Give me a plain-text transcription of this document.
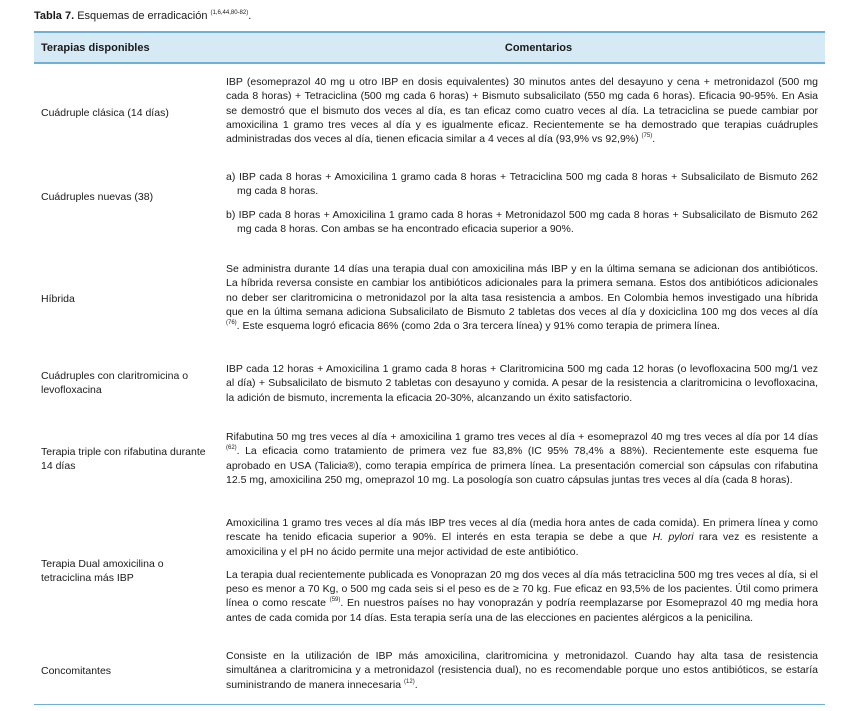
Tabla 7. Esquemas de erradicación $^{(1,6,44,80-82)}$.
Terapias disponibles	Comentarios
Cuádruple clásica (14 días)
IBP (esomeprazol 40 mg u otro IBP en dosis equivalentes) 30 minutos antes del desayuno y cena + metronidazol (500 mg cada 8 horas) + Tetraciclina (500 mg cada 6 horas) + Bismuto subsalicilato (550 mg cada 6 horas). Eficacia 90-95%. En Asia se demostró que el bismuto dos veces al día, es tan eficaz como cuatro veces al día. La tetraciclina se puede cambiar por amoxicilina 1 gramo tres veces al día y es igualmente eficaz. Recientemente se ha demostrado que terapias cuádruples administradas dos veces al día, tienen eficacia similar a 4 veces al día (93,9% vs 92,9%) $^{(75)}$.
Cuádruples nuevas (38)

a) IBP cada 8 horas + Amoxicilina 1 gramo cada 8 horas + Tetraciclina 500 mg cada 8 horas + Subsalicilato de Bismuto 262 mg cada 8 horas.

b) IBP cada 8 horas + Amoxicilina 1 gramo cada 8 horas + Metronidazol 500 mg cada 8 horas + Subsalicilato de Bismuto 262 mg cada 8 horas. Con ambas se ha encontrado eficacia superior a 90%.

Híbrida
Se administra durante 14 días una terapia dual con amoxicilina más IBP y en la última semana se adicionan dos antibióticos. La híbrida reversa consiste en cambiar los antibióticos adicionales para la primera semana. Estos dos antibióticos adicionales no deber ser claritromicina o metronidazol por la alta tasa resistencia a ambos. En Colombia hemos investigado una híbrida que en la última semana adiciona Subsalicilato de Bismuto 2 tabletas dos veces al día y doxiciclina 100 mg dos veces al día $^{(76)}$. Este esquema logró eficacia 86% (como 2da o 3ra tercera línea) y 91% como terapia de primera línea.
Cuádruples con claritromicina o levofloxacina
IBP cada 12 horas + Amoxicilina 1 gramo cada 8 horas + Claritromicina 500 mg cada 12 horas (o levofloxacina 500 mg/1 vez al día) + Subsalicilato de bismuto 2 tabletas con desayuno y comida. A pesar de la resistencia a claritromicina o levofloxacina, la adición de bismuto, incrementa la eficacia 20-30%, alcanzando un éxito satisfactorio.
Terapia triple con rifabutina durante 14 días
Rifabutina 50 mg tres veces al día + amoxicilina 1 gramo tres veces al día + esomeprazol 40 mg tres veces al día por 14 días $^{(62)}$. La eficacia como tratamiento de primera vez fue 83,8% (IC 95% 78,4% a 88%). Recientemente este esquema fue aprobado en USA (Talicia®), como terapia empírica de primera línea. La presentación comercial son cápsulas con rifabutina 12.5 mg, amoxicilina 250 mg, omeprazol 10 mg. La posología son cuatro cápsulas juntas tres veces al día (cada 8 horas).
Terapia Dual amoxicilina o tetraciclina más IBP

Amoxicilina 1 gramo tres veces al día más IBP tres veces al día (media hora antes de cada comida). En primera línea y como rescate ha tenido eficacia superior a 90%. El interés en esta terapia se debe a que H. pylori rara vez es resistente a amoxicilina y el pH no ácido permite una mejor actividad de este antibiótico.

La terapia dual recientemente publicada es Vonoprazan 20 mg dos veces al día más tetraciclina 500 mg tres veces al día, si el peso es menor a 70 Kg, o 500 mg cada seis si el peso es de ≥ 70 kg. Fue eficaz en 93,5% de los pacientes. Útil como primera línea o como rescate $^{(59)}$. En nuestros países no hay vonoprazán y podría reemplazarse por Esomeprazol 40 mg media hora antes de cada comida por 14 días. Esta terapia sería una de las elecciones en pacientes alérgicos a la penicilina.

Concomitantes
Consiste en la utilización de IBP más amoxicilina, claritromicina y metronidazol. Cuando hay alta tasa de resistencia simultánea a claritromicina y a metronidazol (resistencia dual), no es recomendable porque uno estos antibióticos, se estaría suministrando de manera innecesaria $^{(12)}$.
